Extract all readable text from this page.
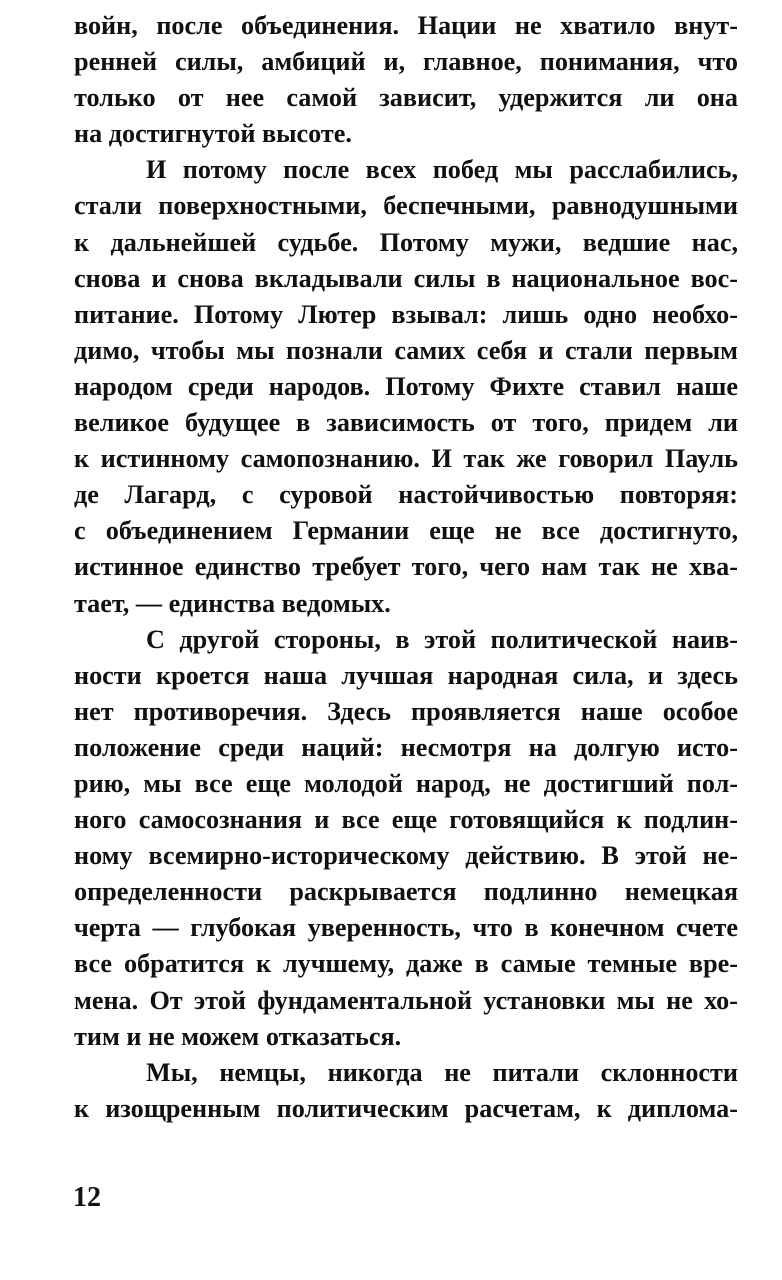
войн, после объединения. Нации не хватило внут-
ренней силы, амбиций и, главное, понимания, что
только от нее самой зависит, удержится ли она
на достигнутой высоте.
И потому после всех побед мы расслабились,
стали поверхностными, беспечными, равнодушными
к дальнейшей судьбе. Потому мужи, ведшие нас,
снова и снова вкладывали силы в национальное вос-
питание. Потому Лютер взывал: лишь одно необхо-
димо, чтобы мы познали самих себя и стали первым
народом среди народов. Потому Фихте ставил наше
великое будущее в зависимость от того, придем ли
к истинному самопознанию. И так же говорил Пауль
де Лагард, с суровой настойчивостью повторяя:
с объединением Германии еще не все достигнуто,
истинное единство требует того, чего нам так не хва-
тает, — единства ведомых.
С другой стороны, в этой политической наив-
ности кроется наша лучшая народная сила, и здесь
нет противоречия. Здесь проявляется наше особое
положение среди наций: несмотря на долгую исто-
рию, мы все еще молодой народ, не достигший пол-
ного самосознания и все еще готовящийся к подлин-
ному всемирно-историческому действию. В этой не-
определенности раскрывается подлинно немецкая
черта — глубокая уверенность, что в конечном счете
все обратится к лучшему, даже в самые темные вре-
мена. От этой фундаментальной установки мы не хо-
тим и не можем отказаться.
Мы, немцы, никогда не питали склонности
к изощренным политическим расчетам, к диплома-
12
